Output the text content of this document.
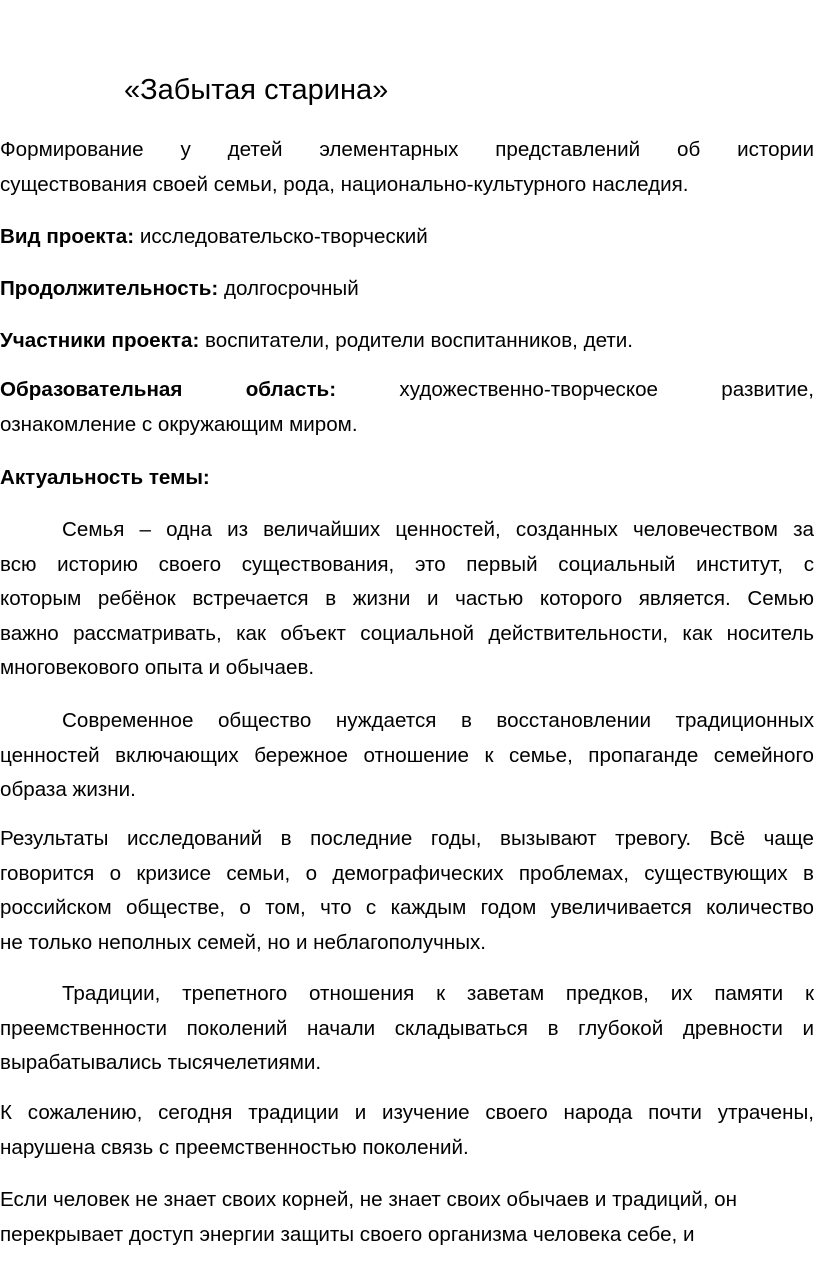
«Забытая старина»

Формирование у детей элементарных представлений об истории
существования своей семьи, рода, национально-культурного наследия.

Вид проекта: исследовательско-творческий

Продолжительность: долгосрочный

Участники проекта: воспитатели, родители воспитанников, дети.

Образовательная область:	художественно-творческое развитие,
ознакомление с окружающим миром.

Актуальность темы:

Семья – одна из величайших ценностей, созданных человечеством за
всю историю своего существования, это первый социальный институт, с
которым ребёнок встречается в жизни и частью которого является. Семью
важно рассматривать, как объект социальной действительности, как носитель
многовекового опыта и обычаев.

Современное общество нуждается в восстановлении традиционных
ценностей включающих бережное отношение к семье, пропаганде семейного
образа жизни.

Результаты исследований в последние годы, вызывают тревогу. Всё чаще
говорится о кризисе семьи, о демографических проблемах, существующих в
российском обществе, о том, что с каждым годом увеличивается количество
не только неполных семей, но и неблагополучных.

Традиции, трепетного отношения к заветам предков, их памяти к
преемственности поколений начали складываться в глубокой древности и
вырабатывались тысячелетиями.

К сожалению, сегодня традиции и изучение своего народа почти утрачены,
нарушена связь с преемственностью поколений.

Если человек не знает своих корней, не знает своих обычаев и традиций, он
перекрывает доступ энергии защиты своего организма человека себе, и
